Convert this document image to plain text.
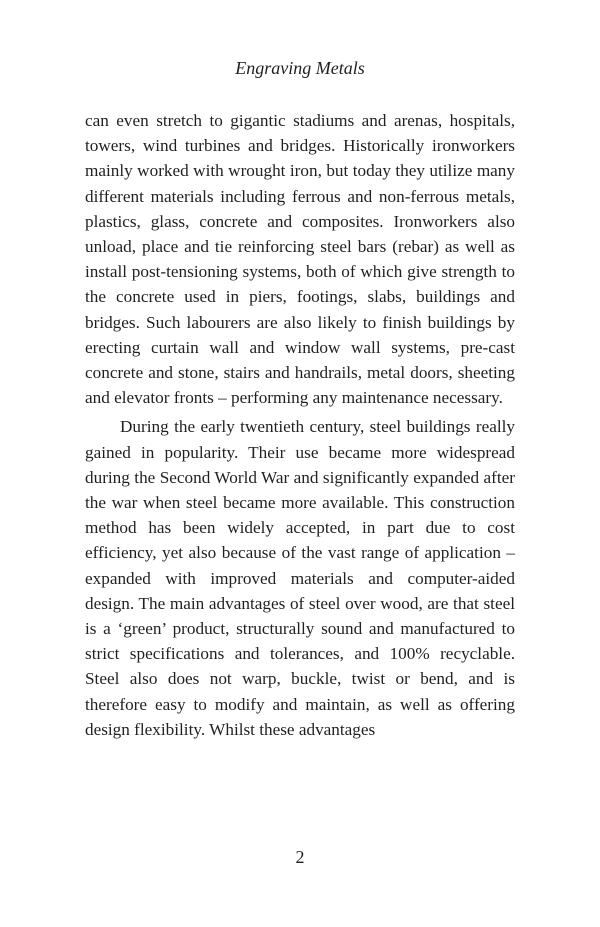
Engraving Metals

can even stretch to gigantic stadiums and arenas, hospitals, towers, wind turbines and bridges. Historically ironworkers mainly worked with wrought iron, but today they utilize many different materials including ferrous and non-ferrous metals, plastics, glass, concrete and composites. Ironworkers also unload, place and tie reinforcing steel bars (rebar) as well as install post-tensioning systems, both of which give strength to the concrete used in piers, footings, slabs, buildings and bridges. Such labourers are also likely to finish buildings by erecting curtain wall and window wall systems, pre-cast concrete and stone, stairs and handrails, metal doors, sheeting and elevator fronts – performing any maintenance necessary.

During the early twentieth century, steel buildings really gained in popularity. Their use became more widespread during the Second World War and significantly expanded after the war when steel became more available. This construction method has been widely accepted, in part due to cost efficiency, yet also because of the vast range of application – expanded with improved materials and computer-aided design. The main advantages of steel over wood, are that steel is a ‘green’ product, structurally sound and manufactured to strict specifications and tolerances, and 100% recyclable. Steel also does not warp, buckle, twist or bend, and is therefore easy to modify and maintain, as well as offering design flexibility. Whilst these advantages

2
